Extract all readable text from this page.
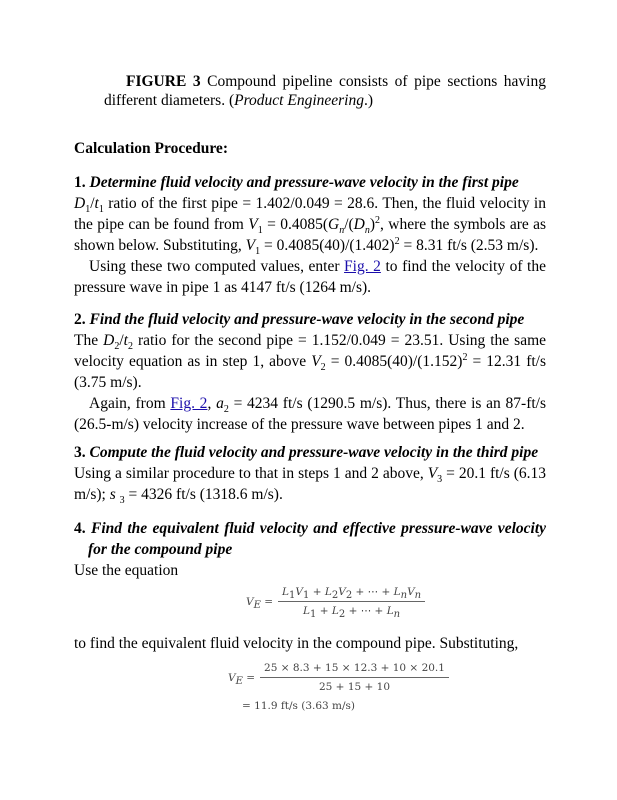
FIGURE 3 Compound pipeline consists of pipe sections having different diameters. (Product Engineering.)
Calculation Procedure:
1. Determine fluid velocity and pressure-wave velocity in the first pipe
$D_1/t_1$ ratio of the first pipe = 1.402/0.049 = 28.6. Then, the fluid velocity in the pipe can be found from $V_1 = 0.4085(G_n/(D_n)^2$, where the symbols are as shown below. Substituting, $V_1 = 0.4085(40)/(1.402)^2 = 8.31$ ft/s (2.53 m/s).
Using these two computed values, enter Fig. 2 to find the velocity of the pressure wave in pipe 1 as 4147 ft/s (1264 m/s).
2. Find the fluid velocity and pressure-wave velocity in the second pipe
The $D_2/t_2$ ratio for the second pipe = 1.152/0.049 = 23.51. Using the same velocity equation as in step 1, above $V_2 = 0.4085(40)/(1.152)^2 = 12.31$ ft/s (3.75 m/s).
Again, from Fig. 2, $a_2 = 4234$ ft/s (1290.5 m/s). Thus, there is an 87-ft/s (26.5-m/s) velocity increase of the pressure wave between pipes 1 and 2.
3. Compute the fluid velocity and pressure-wave velocity in the third pipe
Using a similar procedure to that in steps 1 and 2 above, $V_3 = 20.1$ ft/s (6.13 m/s); s $_3$ = 4326 ft/s (1318.6 m/s).
4. Find the equivalent fluid velocity and effective pressure-wave velocity for the compound pipe
Use the equation
$V_E = \frac{L_1V_1 + L_2V_2 + \cdots + L_nV_n}{L_1 + L_2 + \cdots + L_n}$
to find the equivalent fluid velocity in the compound pipe. Substituting,
$V_E = \frac{25 \times 8.3 + 15 \times 12.3 + 10 \times 20.1}{25 + 15 + 10}$
= 11.9 ft/s (3.63 m/s)
